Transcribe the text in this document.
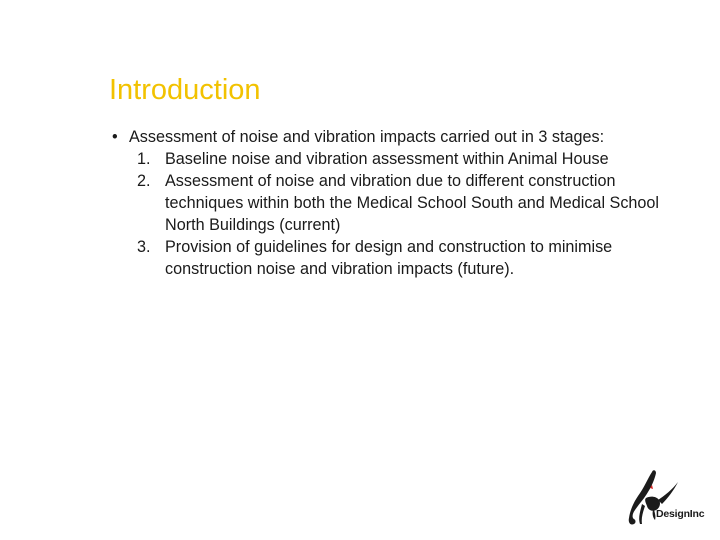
Introduction
• Assessment of noise and vibration impacts carried out in 3 stages:
1. Baseline noise and vibration assessment within Animal House
2. Assessment of noise and vibration due to different construction techniques within both the Medical School South and Medical School North Buildings (current)
3. Provision of guidelines for design and construction to minimise construction noise and vibration impacts (future).
DesignInc
